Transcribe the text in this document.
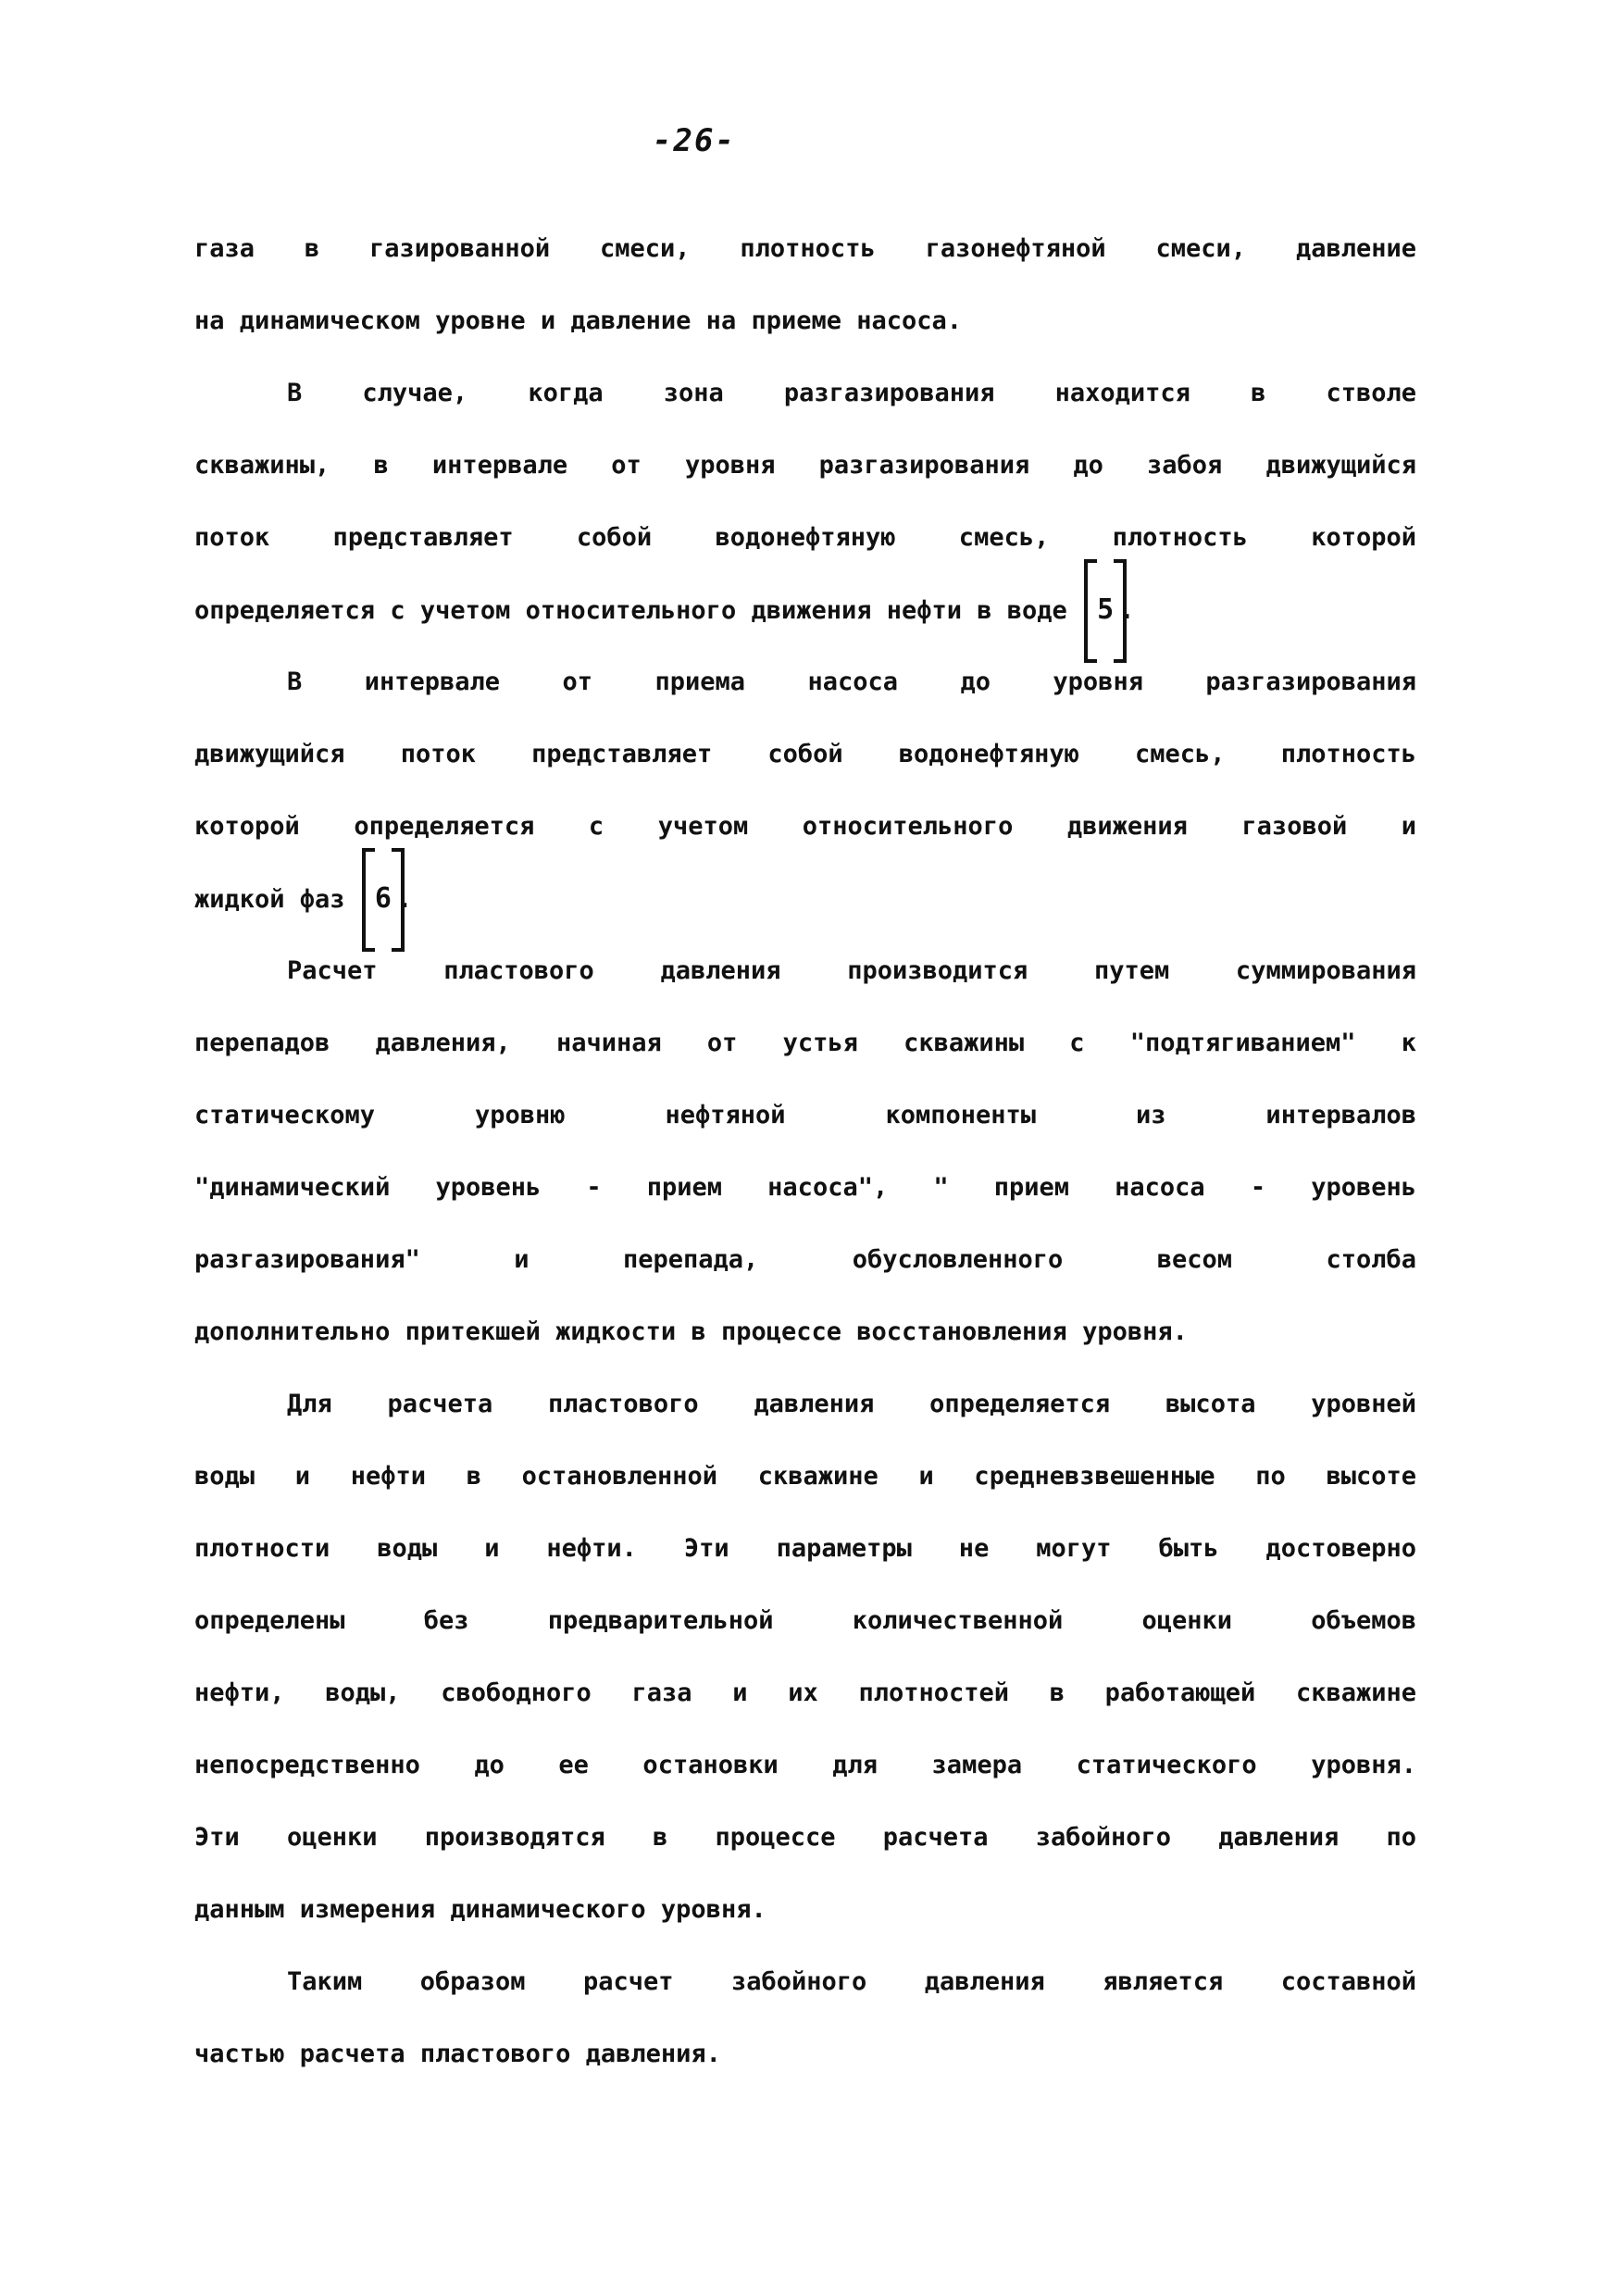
-26-
газа в газированной смеси, плотность газонефтяной смеси, давление
на динамическом уровне и давление на приеме насоса.
В случае, когда зона разгазирования находится в стволе
скважины, в интервале от уровня разгазирования до забоя движущийся
поток представляет собой водонефтяную смесь, плотность которой
определяется с учетом относительного движения нефти в воде 5 .
В интервале от приема насоса до уровня разгазирования
движущийся поток представляет собой водонефтяную смесь, плотность
которой определяется с учетом относительного движения газовой и
жидкой фаз 6 .
Расчет пластового давления производится путем суммирования
перепадов давления, начиная от устья скважины с "подтягиванием" к
статическому уровню нефтяной компоненты из интервалов
"динамический уровень - прием насоса", " прием насоса - уровень
разгазирования" и перепада, обусловленного весом столба
дополнительно притекшей жидкости в процессе восстановления уровня.
Для расчета пластового давления определяется высота уровней
воды и нефти в остановленной скважине и средневзвешенные по высоте
плотности воды и нефти. Эти параметры не могут быть достоверно
определены без предварительной количественной оценки объемов
нефти, воды, свободного газа и их плотностей в работающей скважине
непосредственно до ее остановки для замера статического уровня.
Эти оценки производятся в процессе расчета забойного давления по
данным измерения динамического уровня.
Таким образом расчет забойного давления является составной
частью расчета пластового давления.
